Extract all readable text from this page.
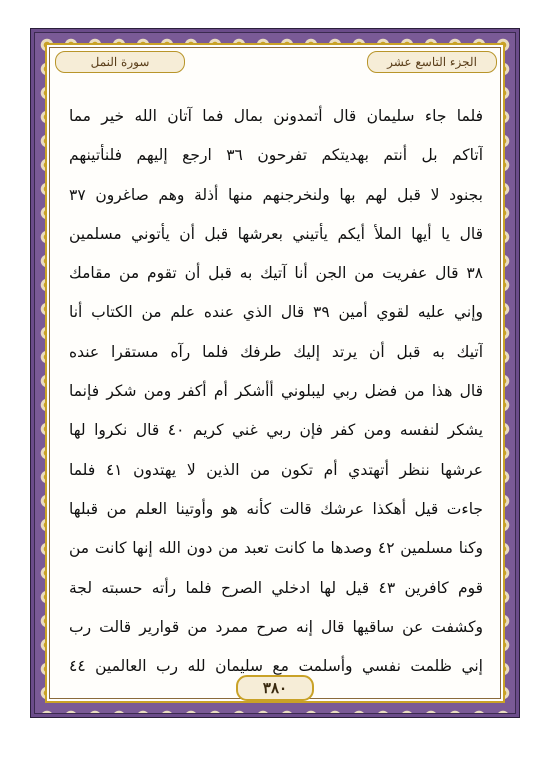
سورة النمل	الجزء التاسع عشر
فلما جاء سليمان قال أتمدونن بمال فما آتان الله خير مما
آتاكم بل أنتم بهديتكم تفرحون ٣٦ ارجع إليهم فلنأتينهم
بجنود لا قبل لهم بها ولنخرجنهم منها أذلة وهم صاغرون ٣٧
قال يا أيها الملأ أيكم يأتيني بعرشها قبل أن يأتوني مسلمين
٣٨ قال عفريت من الجن أنا آتيك به قبل أن تقوم من مقامك
وإني عليه لقوي أمين ٣٩ قال الذي عنده علم من الكتاب أنا
آتيك به قبل أن يرتد إليك طرفك فلما رآه مستقرا عنده
قال هذا من فضل ربي ليبلوني أأشكر أم أكفر ومن شكر فإنما
يشكر لنفسه ومن كفر فإن ربي غني كريم ٤٠ قال نكروا لها
عرشها ننظر أتهتدي أم تكون من الذين لا يهتدون ٤١ فلما
جاءت قيل أهكذا عرشك قالت كأنه هو وأوتينا العلم من قبلها
وكنا مسلمين ٤٢ وصدها ما كانت تعبد من دون الله إنها كانت من
قوم كافرين ٤٣ قيل لها ادخلي الصرح فلما رأته حسبته لجة
وكشفت عن ساقيها قال إنه صرح ممرد من قوارير قالت رب
إني ظلمت نفسي وأسلمت مع سليمان لله رب العالمين ٤٤
٣٨٠
